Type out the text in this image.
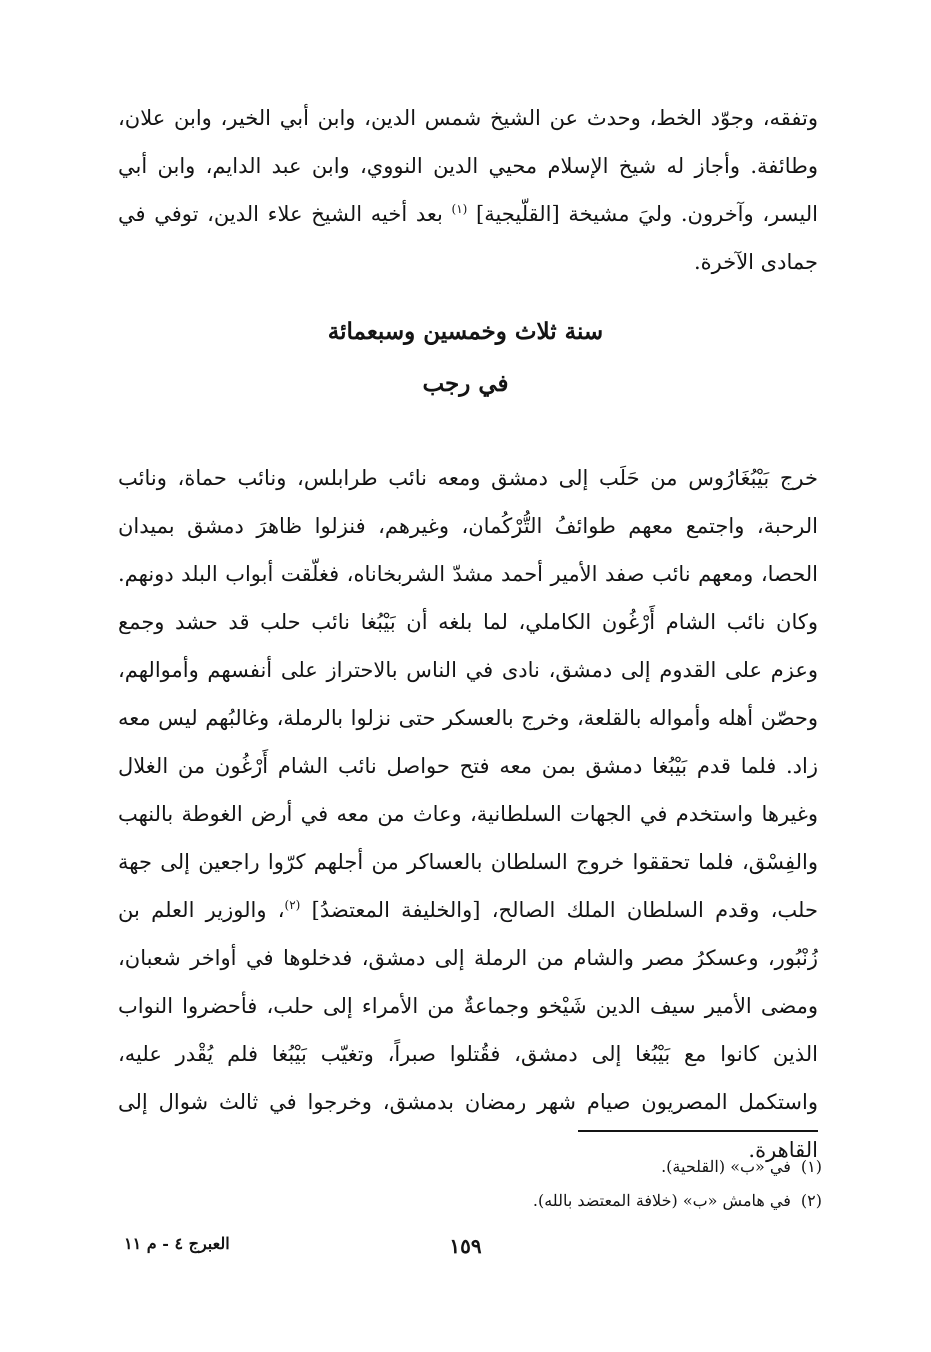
وتفقه، وجوّد الخط، وحدث عن الشيخ شمس الدين، وابن أبي الخير، وابن علان، وطائفة. وأجاز له شيخ الإسلام محيي الدين النووي، وابن عبد الدايم، وابن أبي اليسر، وآخرون. وليَ مشيخة [القلّيجية] $^{(١)}$ بعد أخيه الشيخ علاء الدين، توفي في جمادى الآخرة.

سنة ثلاث وخمسين وسبعمائة
في رجب

خرج بَيْبُغَارُوس من حَلَب إلى دمشق ومعه نائب طرابلس، ونائب حماة، ونائب الرحبة، واجتمع معهم طوائفُ التُّرْكُمان، وغيرهم، فنزلوا ظاهرَ دمشق بميدان الحصا، ومعهم نائب صفد الأمير أحمد مشدّ الشربخاناه، فغلّقت أبواب البلد دونهم. وكان نائب الشام أَرْغُون الكاملي، لما بلغه أن بَيْبُغا نائب حلب قد حشد وجمع وعزم على القدوم إلى دمشق، نادى في الناس بالاحتراز على أنفسهم وأموالهم، وحصّن أهله وأمواله بالقلعة، وخرج بالعسكر حتى نزلوا بالرملة، وغالبُهم ليس معه زاد. فلما قدم بَيْبُغا دمشق بمن معه فتح حواصل نائب الشام أَرْغُون من الغلال وغيرها واستخدم في الجهات السلطانية، وعاث من معه في أرض الغوطة بالنهب والفِسْق، فلما تحققوا خروج السلطان بالعساكر من أجلهم كرّوا راجعين إلى جهة حلب، وقدم السلطان الملك الصالح، [والخليفة المعتضدُ] $^{(٢)}$، والوزير العلم بن زُنْبُور، وعسكرُ مصر والشام من الرملة إلى دمشق، فدخلوها في أواخر شعبان، ومضى الأمير سيف الدين شَيْخو وجماعةٌ من الأمراء إلى حلب، فأحضروا النواب الذين كانوا مع بَيْبُغا إلى دمشق، فقُتلوا صبراً، وتغيّب بَيْبُغا فلم يُقْدر عليه، واستكمل المصريون صيام شهر رمضان بدمشق، وخرجوا في ثالث شوال إلى القاهرة.

(١)في «ب» (القلحية).
(٢)في هامش «ب» (خلافة المعتضد بالله).
١٥٩
العبرج ٤ - م ١١
